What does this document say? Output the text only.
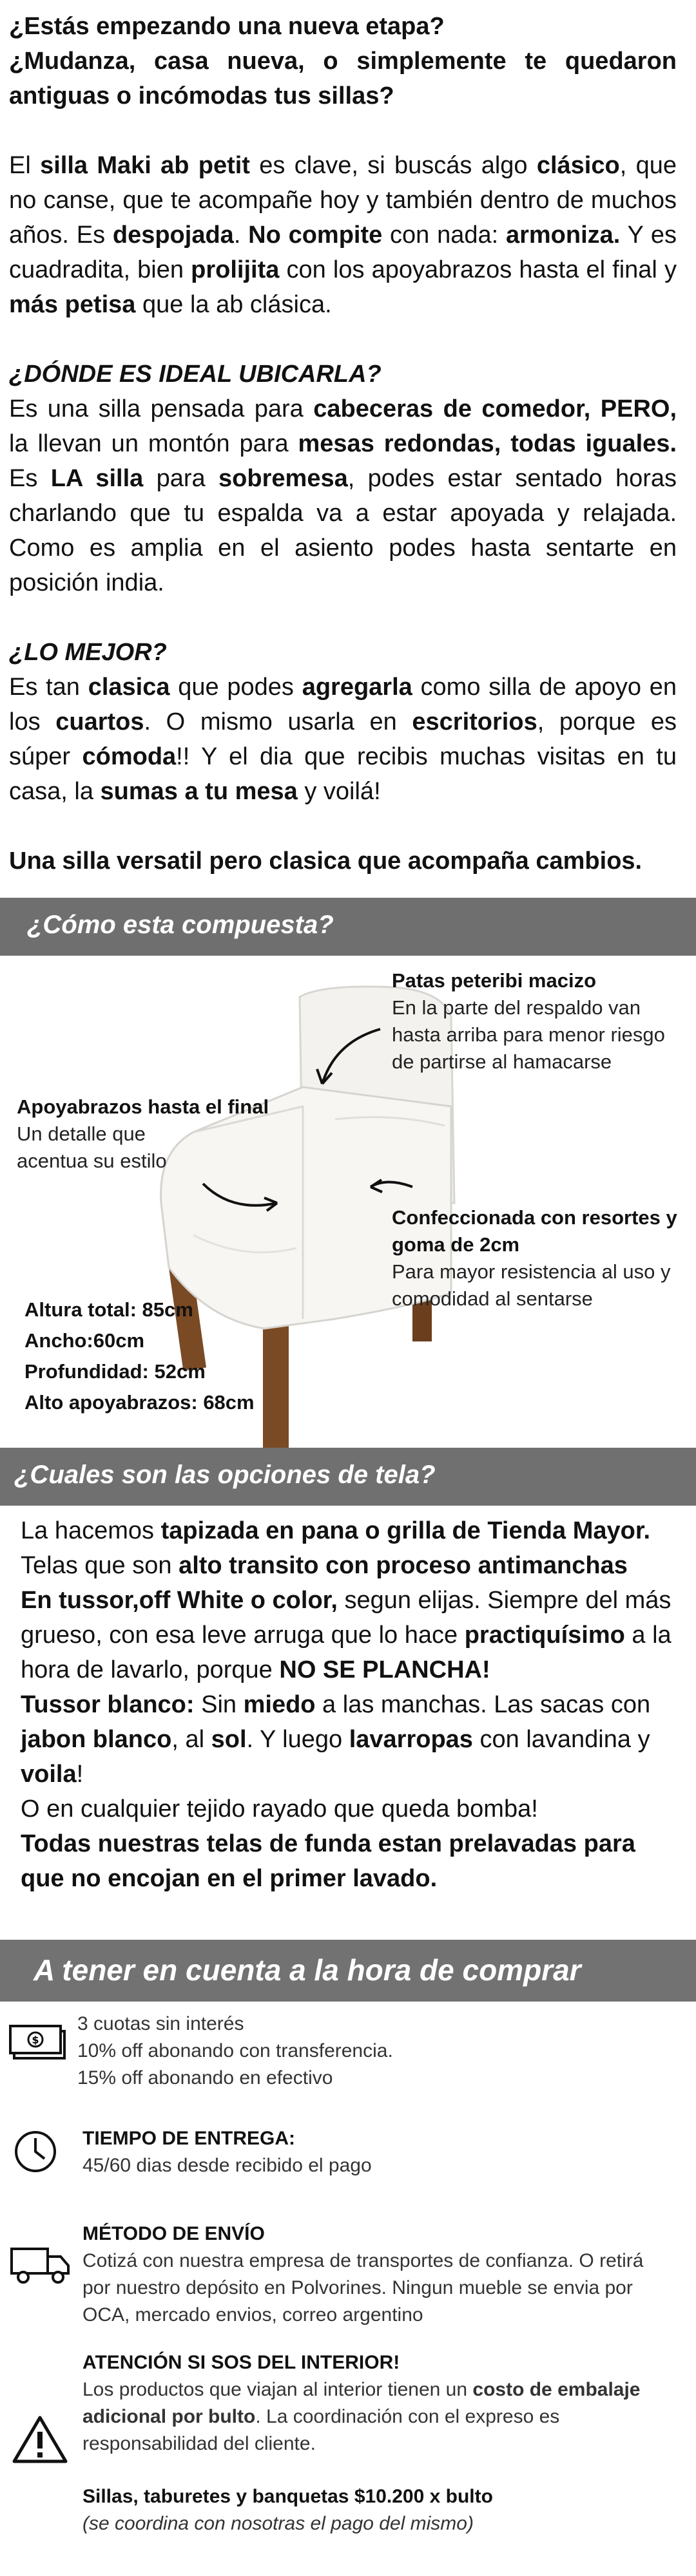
¿Estás empezando una nueva etapa?

¿Mudanza, casa nueva, o simplemente te quedaron antiguas o incómodas tus sillas?

El silla Maki ab petit es clave, si buscás algo clásico, que no canse, que te acompañe hoy y también dentro de muchos años. Es despojada. No compite con nada: armoniza. Y es cuadradita, bien prolijita con los apoyabrazos hasta el final y más petisa que la ab clásica.

¿DÓNDE ES IDEAL UBICARLA?

Es una silla pensada para cabeceras de comedor, PERO, la llevan un montón para mesas redondas, todas iguales. Es LA silla para sobremesa, podes estar sentado horas charlando que tu espalda va a estar apoyada y relajada. Como es amplia en el asiento podes hasta sentarte en posición india.

¿LO MEJOR?

Es tan clasica que podes agregarla como silla de apoyo en los cuartos. O mismo usarla en escritorios, porque es súper cómoda!! Y el dia que recibis muchas visitas en tu casa, la sumas a tu mesa y voilá!

Una silla versatil pero clasica que acompaña cambios.

¿Cómo esta compuesta?
Patas peteribi macizo
En la parte del respaldo van hasta arriba para menor riesgo de partirse al hamacarse
Apoyabrazos hasta el final
Un detalle que acentua su estilo
Confeccionada con resortes y goma de 2cm
Para mayor resistencia al uso y comodidad al sentarse
Altura total: 85cm
Ancho:60cm
Profundidad: 52cm
Alto apoyabrazos: 68cm
¿Cuales son las opciones de tela?

La hacemos tapizada en pana o grilla de Tienda Mayor.

Telas que son alto transito con proceso antimanchas

En tussor,off White o color, segun elijas. Siempre del más grueso, con esa leve arruga que lo hace practiquísimo a la hora de lavarlo, porque NO SE PLANCHA!

Tussor blanco: Sin miedo a las manchas. Las sacas con jabon blanco, al sol. Y luego lavarropas con lavandina y voila!

O en cualquier tejido rayado que queda bomba!

Todas nuestras telas de funda estan prelavadas para que no encojan en el primer lavado.

A tener en cuenta a la hora de comprar
$
3 cuotas sin interés
10% off abonando con transferencia.
15% off abonando en efectivo
TIEMPO DE ENTREGA:
45/60 dias desde recibido el pago
MÉTODO DE ENVÍO
Cotizá con nuestra empresa de transportes de confianza. O retirá por nuestro depósito en Polvorines. Ningun mueble se envia por OCA, mercado envios, correo argentino
ATENCIÓN SI SOS DEL INTERIOR!
Los productos que viajan al interior tienen un costo de embalaje adicional por bulto. La coordinación con el expreso es responsabilidad del cliente.
Sillas, taburetes y banquetas $10.200 x bulto
(se coordina con nosotras el pago del mismo)
